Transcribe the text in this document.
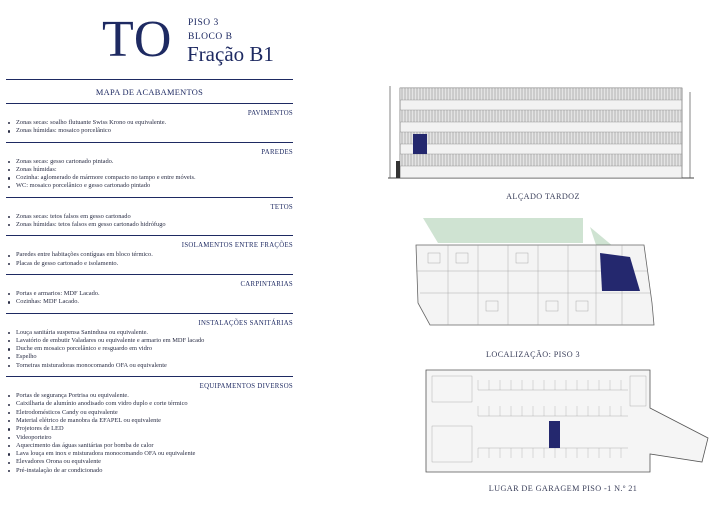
TO PISO 3
BLOCO B
Fração B1
MAPA DE ACABAMENTOS
PAVIMENTOS
Zonas secas: soalho flutuante Swiss Krono ou equivalente.
Zonas húmidas: mosaico porcelânico
PAREDES
Zonas secas: gesso cartonado pintado.
Zonas húmidas:
Cozinha: aglomerado de mármore compacto no tampo e entre móveis.
WC: mosaico porcelânico e gesso cartonado pintado
TETOS
Zonas secas: tetos falsos em gesso cartonado
Zonas húmidas: tetos falsos em gesso cartonado hidrófugo
ISOLAMENTOS ENTRE FRAÇÕES
Paredes entre habitações contíguas em bloco térmico.
Placas de gesso cartonado e isolamento.
CARPINTARIAS
Portas e armarios: MDF Lacado.
Cozinhas: MDF Lacado.
INSTALAÇÕES SANITÁRIAS
Louça sanitária suspensa Sanindusa ou equivalente.
Lavatório de embutir Valadares ou equivalente e armario em MDF lacado
Duche em mosaico porcelânico e resguardo em vidro
Espelho
Torneiras misturadoras monocomando OFA ou equivalente
EQUIPAMENTOS DIVERSOS
Portas de segurança Portrisa ou equivalente.
Caixilharia de alumínio anodisado com vidro duplo e corte térmico
Eletrodomésticos Candy ou equivalente
Material elétrico de manobra da EFAPEL ou equivalente
Projetores de LED
Videoporteiro
Aquecimento das águas sanitárias por bomba de calor
Lava louça em inox e misturadora monocomando OFA ou equivalente
Elevadores Orona ou equivalente
Pré-instalação de ar condicionado
ALÇADO TARDOZ
LOCALIZAÇÃO: PISO 3
LUGAR DE GARAGEM PISO -1 N.º 21
